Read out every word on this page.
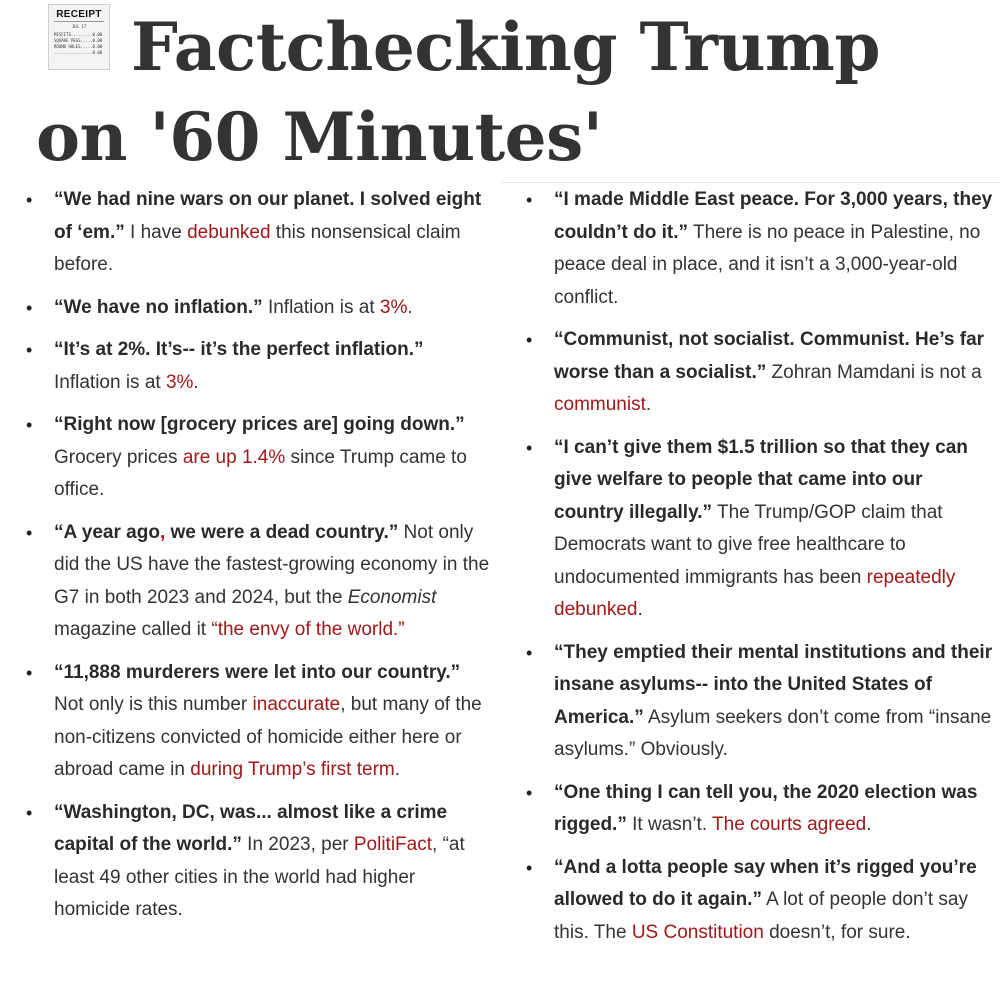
RECEIPT
JUL 17
MISFITS.........0.00
SQUARE PEGS.....0.00
ROUND HOLES.....0.00
................0.00 Factchecking Trump
on '60 Minutes'
• “We had nine wars on our planet. I solved eight of ‘em.” I have debunked this nonsensical claim before.
• “We have no inflation.” Inflation is at 3%.
• “It’s at 2%. It’s-- it’s the perfect inflation.” Inflation is at 3%.
• “Right now [grocery prices are] going down.” Grocery prices are up 1.4% since Trump came to office.
• “A year ago, we were a dead country.” Not only did the US have the fastest-growing economy in the G7 in both 2023 and 2024, but the Economist magazine called it “the envy of the world.”
• “11,888 murderers were let into our country.” Not only is this number inaccurate, but many of the non-citizens convicted of homicide either here or abroad came in during Trump’s first term.
• “Washington, DC, was... almost like a crime capital of the world.” In 2023, per PolitiFact, “at least 49 other cities in the world had higher homicide rates.
• “I made Middle East peace. For 3,000 years, they couldn’t do it.” There is no peace in Palestine, no peace deal in place, and it isn’t a 3,000-year-old conflict.
• “Communist, not socialist. Communist. He’s far worse than a socialist.” Zohran Mamdani is not a communist.
• “I can’t give them $1.5 trillion so that they can give welfare to people that came into our country illegally.” The Trump/GOP claim that Democrats want to give free healthcare to undocumented immigrants has been repeatedly debunked.
• “They emptied their mental institutions and their insane asylums-- into the United States of America.” Asylum seekers don’t come from “insane asylums.” Obviously.
• “One thing I can tell you, the 2020 election was rigged.” It wasn’t. The courts agreed.
• “And a lotta people say when it’s rigged you’re allowed to do it again.” A lot of people don’t say this. The US Constitution doesn’t, for sure.
